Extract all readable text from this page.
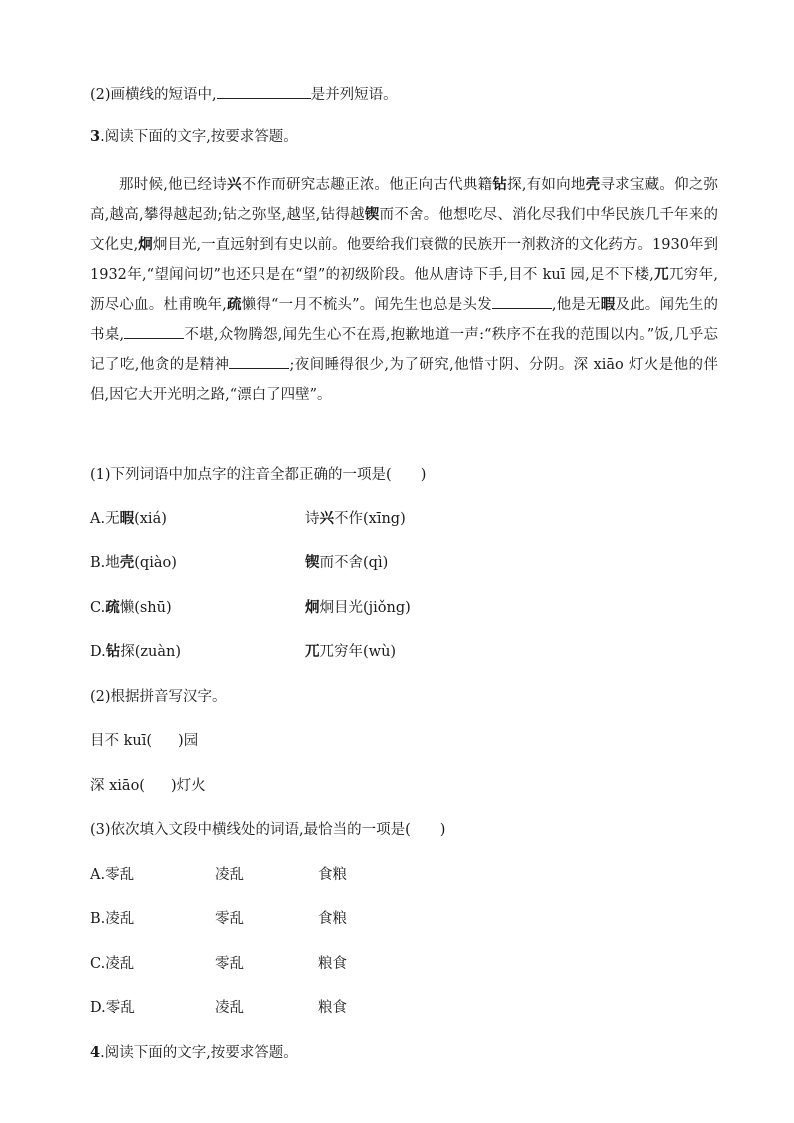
(2)画横线的短语中,	是并列短语。
3.阅读下面的文字,按要求答题。

那时候,他已经诗兴不作而研究志趣正浓。他正向古代典籍钻探,有如向地壳寻求宝藏。仰之弥高,越高,攀得越起劲;钻之弥坚,越坚,钻得越锲而不舍。他想吃尽、消化尽我们中华民族几千年来的文化史,炯炯目光,一直远射到有史以前。他要给我们衰微的民族开一剂救济的文化药方。1930年到1932年,“望闻问切”也还只是在“望”的初级阶段。他从唐诗下手,目不 kuī 园,足不下楼,兀兀穷年,沥尽心血。杜甫晚年,疏懒得“一月不梳头”。闻先生也总是头发	,他是无暇及此。闻先生的书桌,	不堪,众物腾怨,闻先生心不在焉,抱歉地道一声:“秩序不在我的范围以内。”饭,几乎忘记了吃,他贪的是精神	;夜间睡得很少,为了研究,他惜寸阴、分阴。深 xiāo 灯火是他的伴侣,因它大开光明之路,“漂白了四壁”。

(1)下列词语中加点字的注音全都正确的一项是(　　)
A.无暇(xiá)	诗兴不作(xīng)
B.地壳(qiào)	锲而不舍(qì)
C.疏懒(shū)	炯炯目光(jiǒng)
D.钻探(zuàn)	兀兀穷年(wù)
(2)根据拼音写汉字。
目不 kuī( )园
深 xiāo( )灯火
(3)依次填入文段中横线处的词语,最恰当的一项是(　　)
A.零乱	凌乱	食粮
B.凌乱	零乱	食粮
C.凌乱	零乱	粮食
D.零乱	凌乱	粮食
4.阅读下面的文字,按要求答题。
